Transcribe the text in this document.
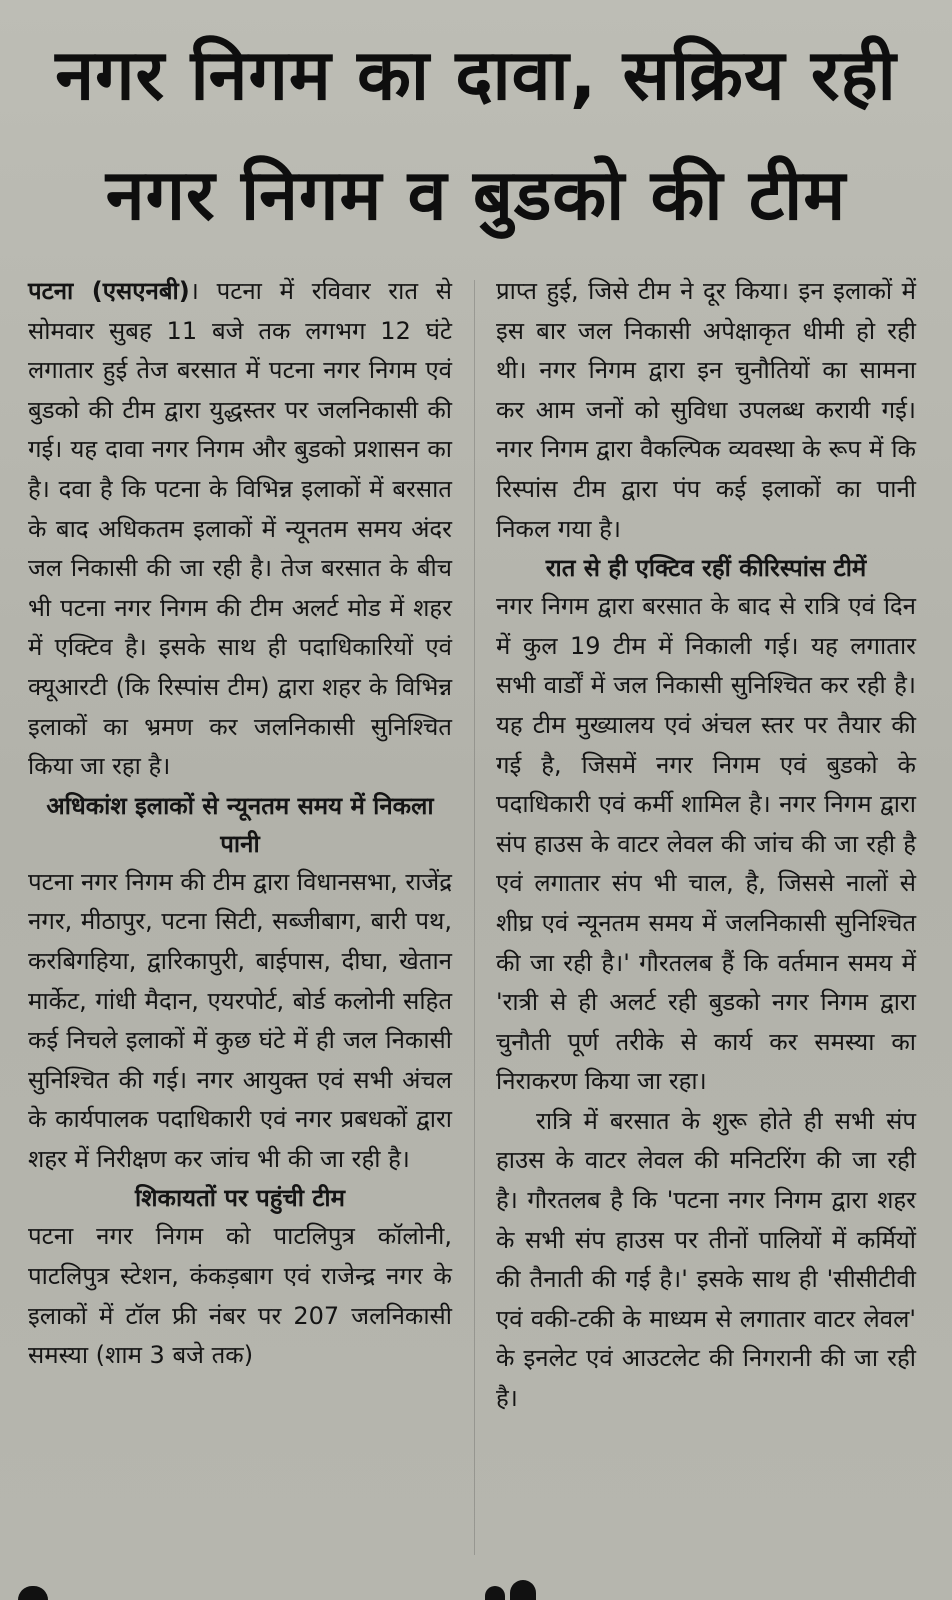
नगर निगम का दावा, सक्रिय रही
नगर निगम व बुडको की टीम

पटना (एसएनबी)। पटना में रविवार रात से सोमवार सुबह 11 बजे तक लगभग 12 घंटे लगातार हुई तेज बरसात में पटना नगर निगम एवं बुडको की टीम द्वारा युद्धस्तर पर जलनिकासी की गई। यह दावा नगर निगम और बुडको प्रशासन का है। दवा है कि पटना के विभिन्न इलाकों में बरसात के बाद अधिकतम इलाकों में न्यूनतम समय अंदर जल निकासी की जा रही है। तेज बरसात के बीच भी पटना नगर निगम की टीम अलर्ट मोड में शहर में एक्टिव है। इसके साथ ही पदाधिकारियों एवं क्यूआरटी (कि रिस्पांस टीम) द्वारा शहर के विभिन्न इलाकों का भ्रमण कर जलनिकासी सुनिश्चित किया जा रहा है।

अधिकांश इलाकों से न्यूनतम समय में निकला पानी

पटना नगर निगम की टीम द्वारा विधानसभा, राजेंद्र नगर, मीठापुर, पटना सिटी, सब्जीबाग, बारी पथ, करबिगहिया, द्वारिकापुरी, बाईपास, दीघा, खेतान मार्केट, गांधी मैदान, एयरपोर्ट, बोर्ड कलोनी सहित कई निचले इलाकों में कुछ घंटे में ही जल निकासी सुनिश्चित की गई। नगर आयुक्त एवं सभी अंचल के कार्यपालक पदाधिकारी एवं नगर प्रबधकों द्वारा शहर में निरीक्षण कर जांच भी की जा रही है।

शिकायतों पर पहुंची टीम

पटना नगर निगम को पाटलिपुत्र कॉलोनी, पाटलिपुत्र स्टेशन, कंकड़बाग एवं राजेन्द्र नगर के इलाकों में टॉल फ्री नंबर पर 207 जलनिकासी समस्या (शाम 3 बजे तक)

प्राप्त हुई, जिसे टीम ने दूर किया। इन इलाकों में इस बार जल निकासी अपेक्षाकृत धीमी हो रही थी। नगर निगम द्वारा इन चुनौतियों का सामना कर आम जनों को सुविधा उपलब्ध करायी गई। नगर निगम द्वारा वैकल्पिक व्यवस्था के रूप में कि रिस्पांस टीम द्वारा पंप कई इलाकों का पानी निकल गया है।

रात से ही एक्टिव रहीं कीरिस्पांस टीमें

नगर निगम द्वारा बरसात के बाद से रात्रि एवं दिन में कुल 19 टीम में निकाली गई। यह लगातार सभी वार्डों में जल निकासी सुनिश्चित कर रही है। यह टीम मुख्यालय एवं अंचल स्तर पर तैयार की गई है, जिसमें नगर निगम एवं बुडको के पदाधिकारी एवं कर्मी शामिल है। नगर निगम द्वारा संप हाउस के वाटर लेवल की जांच की जा रही है एवं लगातार संप भी चाल, है, जिससे नालों से शीघ्र एवं न्यूनतम समय में जलनिकासी सुनिश्चित की जा रही है।' गौरतलब हैं कि वर्तमान समय में 'रात्री से ही अलर्ट रही बुडको नगर निगम द्वारा चुनौती पूर्ण तरीके से कार्य कर समस्या का निराकरण किया जा रहा।

रात्रि में बरसात के शुरू होते ही सभी संप हाउस के वाटर लेवल की मनिटरिंग की जा रही है। गौरतलब है कि 'पटना नगर निगम द्वारा शहर के सभी संप हाउस पर तीनों पालियों में कर्मियों की तैनाती की गई है।' इसके साथ ही 'सीसीटीवी एवं वकी-टकी के माध्यम से लगातार वाटर लेवल' के इनलेट एवं आउटलेट की निगरानी की जा रही है।
